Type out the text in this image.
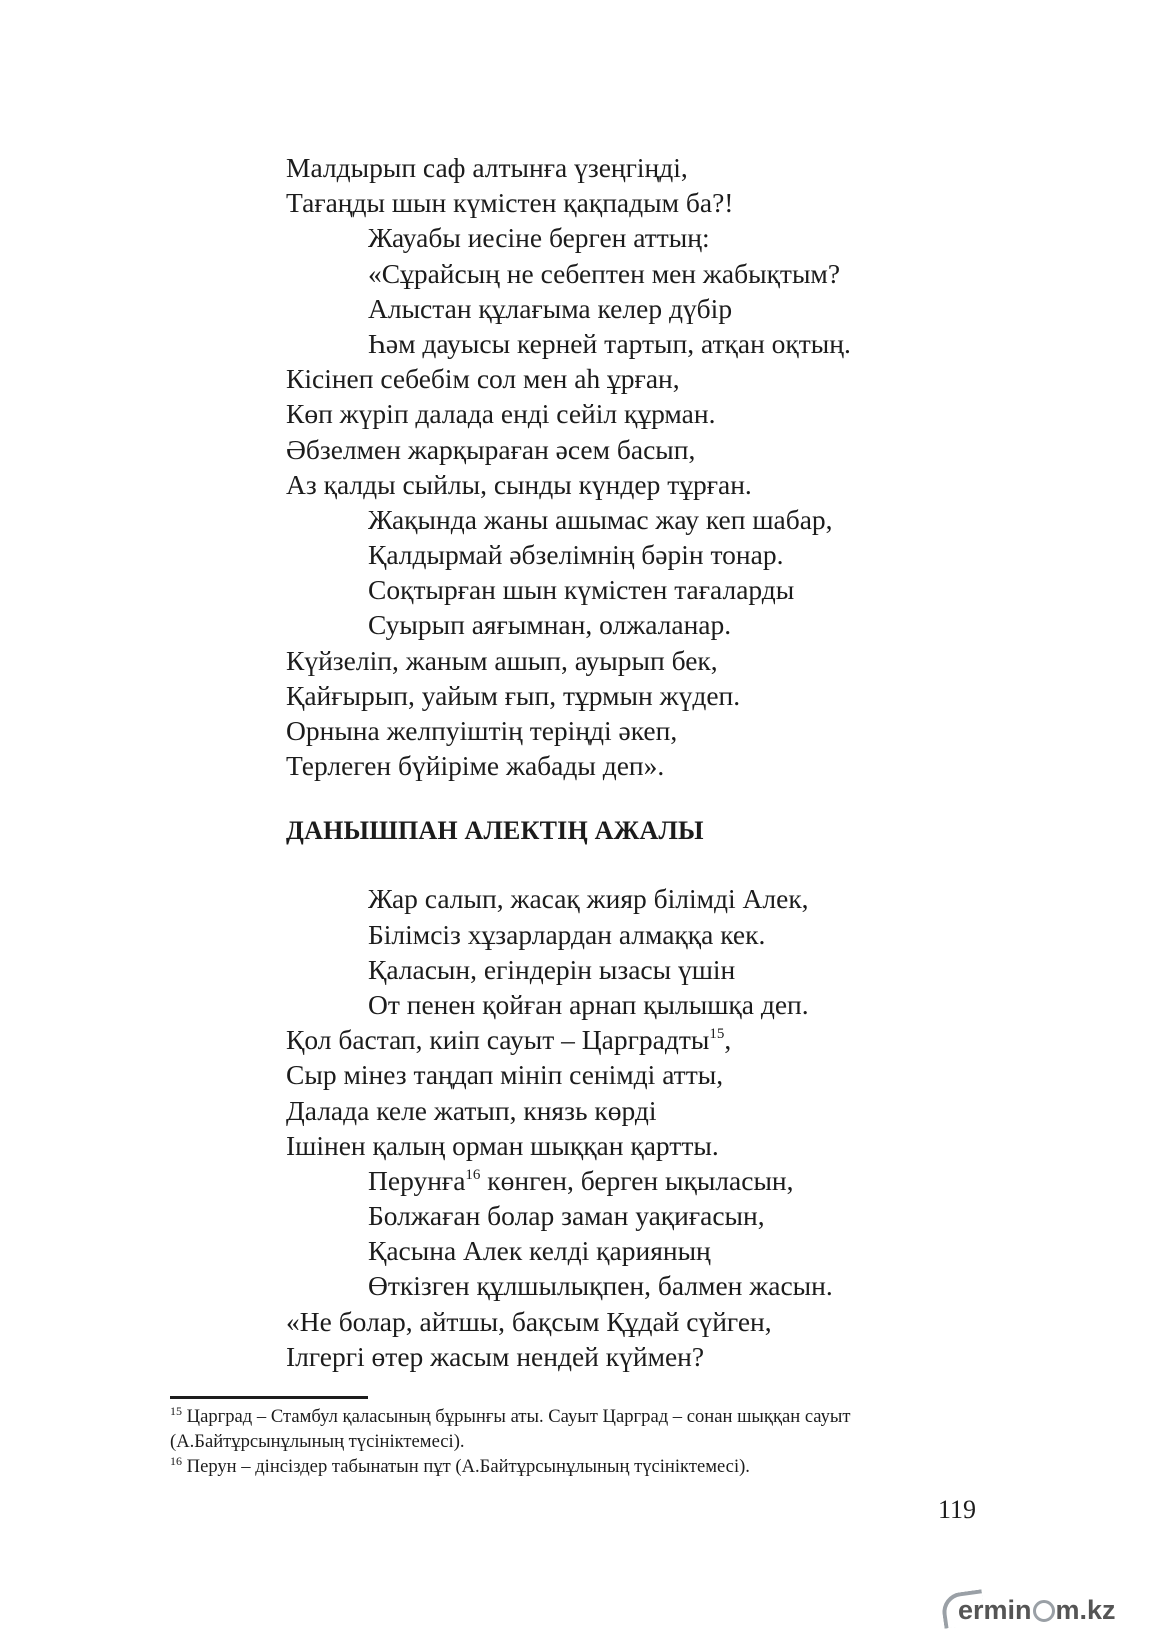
Малдырып саф алтынға үзеңгіңді,
Тағаңды шын күмістен қақпадым ба?!
Жауабы иесіне берген аттың:
«Сұрайсың не себептен мен жабықтым?
Алыстан құлағыма келер дүбір
Һәм дауысы керней тартып, атқан оқтың.
Кісінеп себебім сол мен аһ ұрған,
Көп жүріп далада енді сейіл құрман.
Әбзелмен жарқыраған әсем басып,
Аз қалды сыйлы, сынды күндер тұрған.
Жақында жаны ашымас жау кеп шабар,
Қалдырмай әбзелімнің бәрін тонар.
Соқтырған шын күмістен тағаларды
Суырып аяғымнан, олжаланар.
Күйзеліп, жаным ашып, ауырып бек,
Қайғырып, уайым ғып, тұрмын жүдеп.
Орнына желпуіштің теріңді әкеп,
Терлеген бүйіріме жабады деп».
ДАНЫШПАН АЛЕКТІҢ АЖАЛЫ
Жар салып, жасақ жияр білімді Алек,
Білімсіз хұзарлардан алмаққа кек.
Қаласын, егіндерін ызасы үшін
От пенен қойған арнап қылышқа деп.
Қол бастап, киіп сауыт – Царградты$^{15}$,
Сыр мінез таңдап мініп сенімді атты,
Далада келе жатып, князь көрді
Ішінен қалың орман шыққан қартты.
Перунға$^{16}$ көнген, берген ықыласын,
Болжаған болар заман уақиғасын,
Қасына Алек келді қарияның
Өткізген құлшылықпен, балмен жасын.
«Не болар, айтшы, бақсым Құдай сүйген,
Ілгергі өтер жасым нендей күймен?
$^{15}$ Царград – Стамбул қаласының бұрынғы аты. Сауыт Царград – сонан шыққан сауыт
(А.Байтұрсынұлының түсініктемесі).
$^{16}$ Перун – дінсіздер табынатын пұт (А.Байтұрсынұлының түсініктемесі).
119
ermin m.kz
